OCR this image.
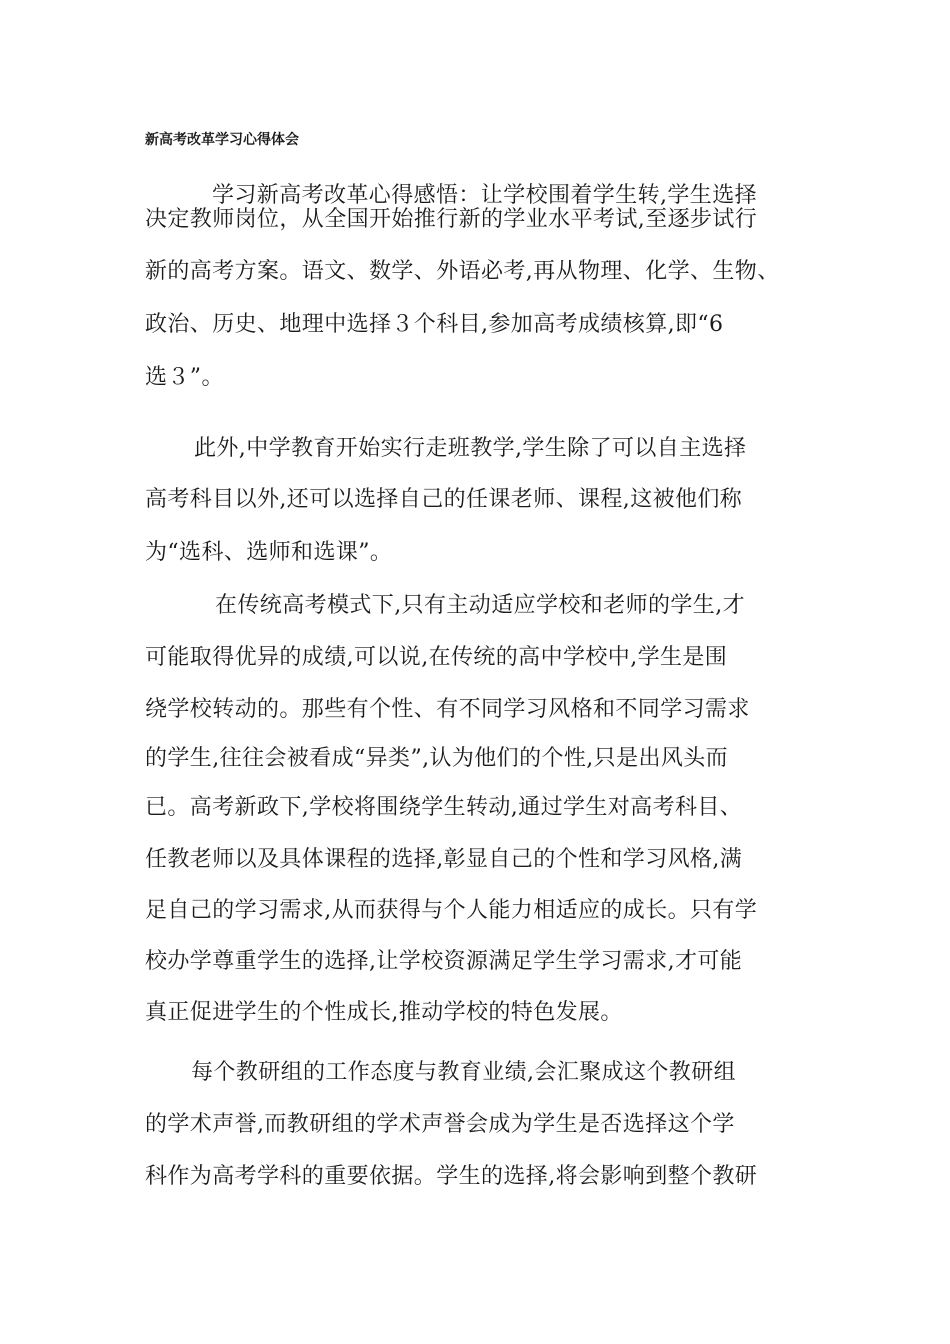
新高考改革学习心得体会

学习新高考改革心得感悟：让学校围着学生转,学生选择

决定教师岗位，从全国开始推行新的学业水平考试,至逐步试行

新的高考方案。语文、数学、外语必考,再从物理、化学、生物、

政治、历史、地理中选择３个科目,参加高考成绩核算,即“6

选３”。

此外,中学教育开始实行走班教学,学生除了可以自主选择

高考科目以外,还可以选择自己的任课老师、课程,这被他们称

为“选科、选师和选课”。

在传统高考模式下,只有主动适应学校和老师的学生,才

可能取得优异的成绩,可以说,在传统的高中学校中,学生是围

绕学校转动的。那些有个性、有不同学习风格和不同学习需求

的学生,往往会被看成“异类”,认为他们的个性,只是出风头而

已。高考新政下,学校将围绕学生转动,通过学生对高考科目、

任教老师以及具体课程的选择,彰显自己的个性和学习风格,满

足自己的学习需求,从而获得与个人能力相适应的成长。只有学

校办学尊重学生的选择,让学校资源满足学生学习需求,才可能

真正促进学生的个性成长,推动学校的特色发展。

每个教研组的工作态度与教育业绩,会汇聚成这个教研组

的学术声誉,而教研组的学术声誉会成为学生是否选择这个学

科作为高考学科的重要依据。学生的选择,将会影响到整个教研
